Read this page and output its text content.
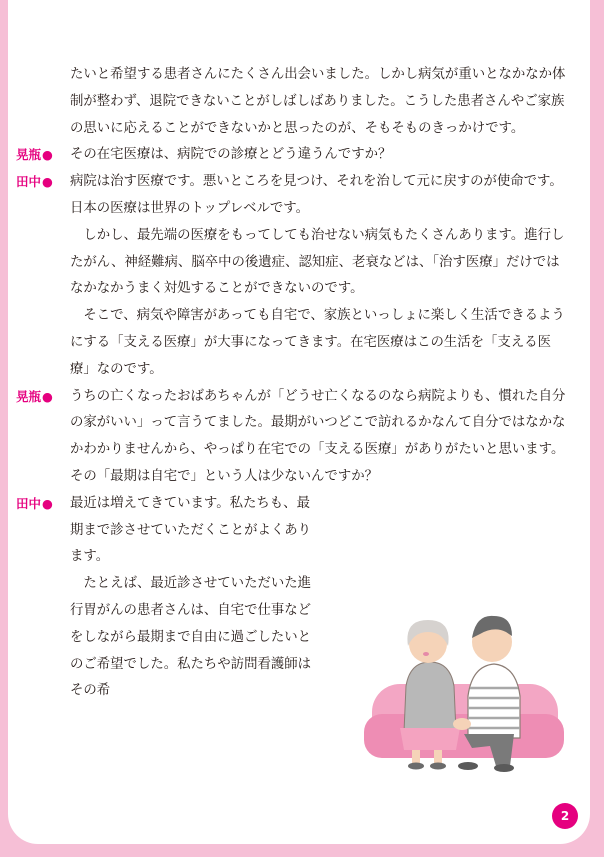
たいと希望する患者さんにたくさん出会いました。しかし病気が重いとなかなか体制が整わず、退院できないことがしばしばありました。こうした患者さんやご家族の思いに応えることができないかと思ったのが、そもそものきっかけです。

晃瓶● その在宅医療は、病院での診療とどう違うんですか？

田中● 病院は治す医療です。悪いところを見つけ、それを治して元に戻すのが使命です。日本の医療は世界のトップレベルです。

しかし、最先端の医療をもってしても治せない病気もたくさんあります。進行したがん、神経難病、脳卒中の後遺症、認知症、老衰などは、「治す医療」だけではなかなかうまく対処することができないのです。

そこで、病気や障害があっても自宅で、家族といっしょに楽しく生活できるようにする「支える医療」が大事になってきます。在宅医療はこの生活を「支える医療」なのです。

晃瓶● うちの亡くなったおばあちゃんが「どうせ亡くなるのなら病院よりも、慣れた自分の家がいい」って言うてました。最期がいつどこで訪れるかなんて自分ではなかなかわかりませんから、やっぱり在宅での「支える医療」がありがたいと思います。その「最期は自宅で」という人は少ないんですか？

田中● 最近は増えてきています。私たちも、最期まで診させていただくことがよくあります。

たとえば、最近診させていただいた進行胃がんの患者さんは、自宅で仕事などをしながら最期まで自由に過ごしたいとのご希望でした。私たちや訪問看護師はその希

2
